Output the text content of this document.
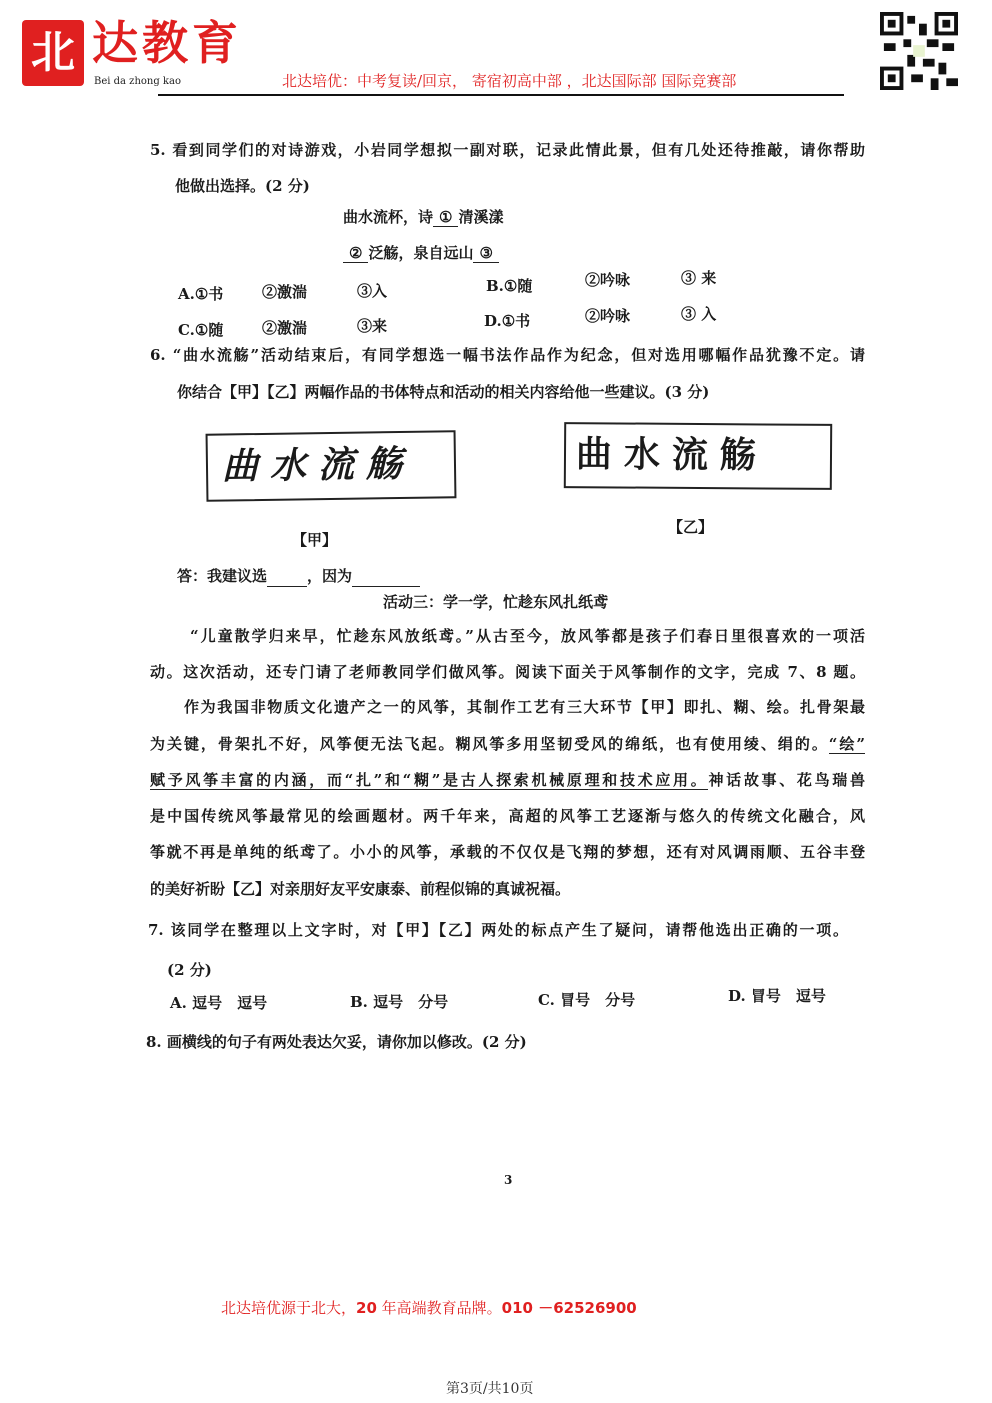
北 达教育
Bei da zhong kao	北达培优：中考复读/回京， 寄宿初高中部 ，北达国际部 国际竞赛部
5. 看到同学们的对诗游戏，小岩同学想拟一副对联，记录此情此景，但有几处还待推敲，请你帮助
他做出选择。(2 分)
曲水流杯，诗 ① 清溪漾
② 泛觞，泉自远山 ③
A.①书	②激湍	③入	B.①随	②吟咏	③ 来
C.①随	②激湍	③来	D.①书	②吟咏	③ 入
6. “曲水流觞”活动结束后，有同学想选一幅书法作品作为纪念，但对选用哪幅作品犹豫不定。请
你结合【甲】【乙】两幅作品的书体特点和活动的相关内容给他一些建议。(3 分)
曲水流觞	曲水流觞
【甲】
【乙】
答：我建议选	，因为
活动三：学一学，忙趁东风扎纸鸢
“儿童散学归来早，忙趁东风放纸鸢。”从古至今，放风筝都是孩子们春日里很喜欢的一项活
动。这次活动，还专门请了老师教同学们做风筝。阅读下面关于风筝制作的文字，完成 7、8 题。
作为我国非物质文化遗产之一的风筝，其制作工艺有三大环节【甲】即扎、糊、绘。扎骨架最
为关键，骨架扎不好，风筝便无法飞起。糊风筝多用坚韧受风的绵纸，也有使用绫、绢的。“绘”
赋予风筝丰富的内涵，而“扎”和“糊”是古人探索机械原理和技术应用。神话故事、花鸟瑞兽
是中国传统风筝最常见的绘画题材。两千年来，高超的风筝工艺逐渐与悠久的传统文化融合，风
筝就不再是单纯的纸鸢了。小小的风筝，承载的不仅仅是飞翔的梦想，还有对风调雨顺、五谷丰登
的美好祈盼【乙】对亲朋好友平安康泰、前程似锦的真诚祝福。
7. 该同学在整理以上文字时，对【甲】【乙】两处的标点产生了疑问，请帮他选出正确的一项。
(2 分)
A. 逗号　逗号	B. 逗号　分号	C. 冒号　分号	D. 冒号　逗号
8. 画横线的句子有两处表达欠妥，请你加以修改。(2 分)
3
北达培优源于北大，20 年高端教育品牌。010 －62526900
第3页/共10页
